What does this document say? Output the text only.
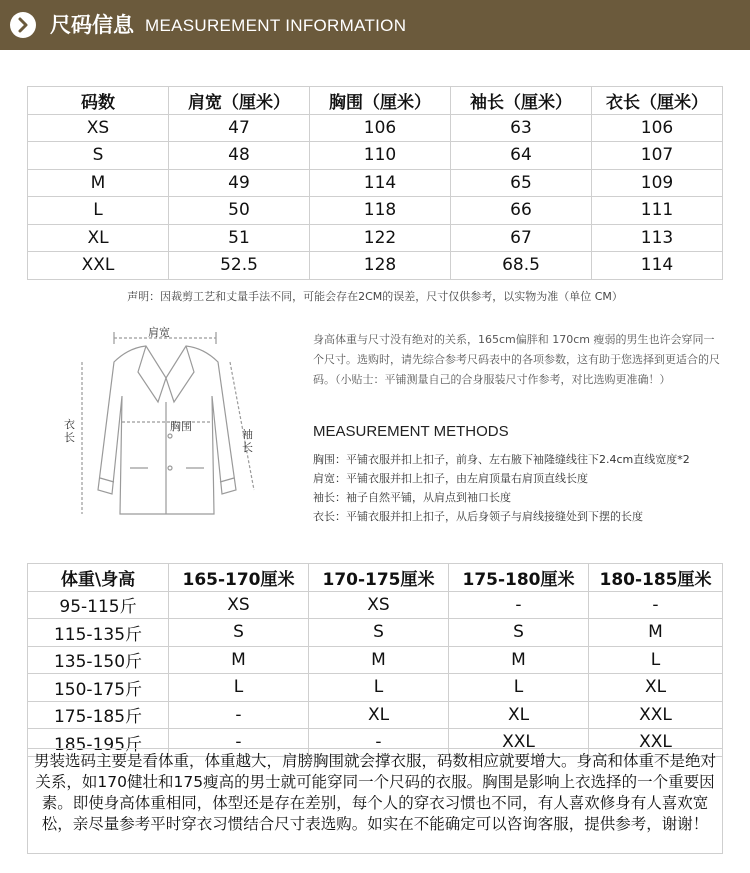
尺码信息 MEASUREMENT INFORMATION
码数	肩宽（厘米）	胸围（厘米）	袖长（厘米）	衣长（厘米）
XS	47	106	63	106
S	48	110	64	107
M	49	114	65	109
L	50	118	66	111
XL	51	122	67	113
XXL	52.5	128	68.5	114
声明：因裁剪工艺和丈量手法不同，可能会存在2CM的误差，尺寸仅供参考，以实物为准（单位 CM）
肩宽
胸围
衣长	袖长
身高体重与尺寸没有绝对的关系，165cm偏胖和 170cm 瘦弱的男生也许会穿同一个尺寸。选购时，请先综合参考尺码表中的各项参数，这有助于您选择到更适合的尺码。（小贴士：平铺测量自己的合身服装尺寸作参考，对比选购更准确！）
MEASUREMENT METHODS
胸围：平铺衣服并扣上扣子，前身、左右腋下袖隆缝线往下2.4cm直线宽度*2
肩宽：平铺衣服并扣上扣子，由左肩顶量右肩顶直线长度
袖长：袖子自然平铺，从肩点到袖口长度
衣长：平铺衣服并扣上扣子，从后身领子与肩线接缝处到下摆的长度
体重\身高	165-170厘米	170-175厘米	175-180厘米	180-185厘米
95-115斤	XS	XS	-	-
115-135斤	S	S	S	M
135-150斤	M	M	M	L
150-175斤	L	L	L	XL
175-185斤	-	XL	XL	XXL
185-195斤	-	-	XXL	XXL
男装选码主要是看体重，体重越大，肩膀胸围就会撑衣服，码数相应就要增大。身高和体重不是绝对关系，如170健壮和175瘦高的男士就可能穿同一个尺码的衣服。胸围是影响上衣选择的一个重要因素。即使身高体重相同，体型还是存在差别，每个人的穿衣习惯也不同，有人喜欢修身有人喜欢宽松，亲尽量参考平时穿衣习惯结合尺寸表选购。如实在不能确定可以咨询客服，提供参考，谢谢！
